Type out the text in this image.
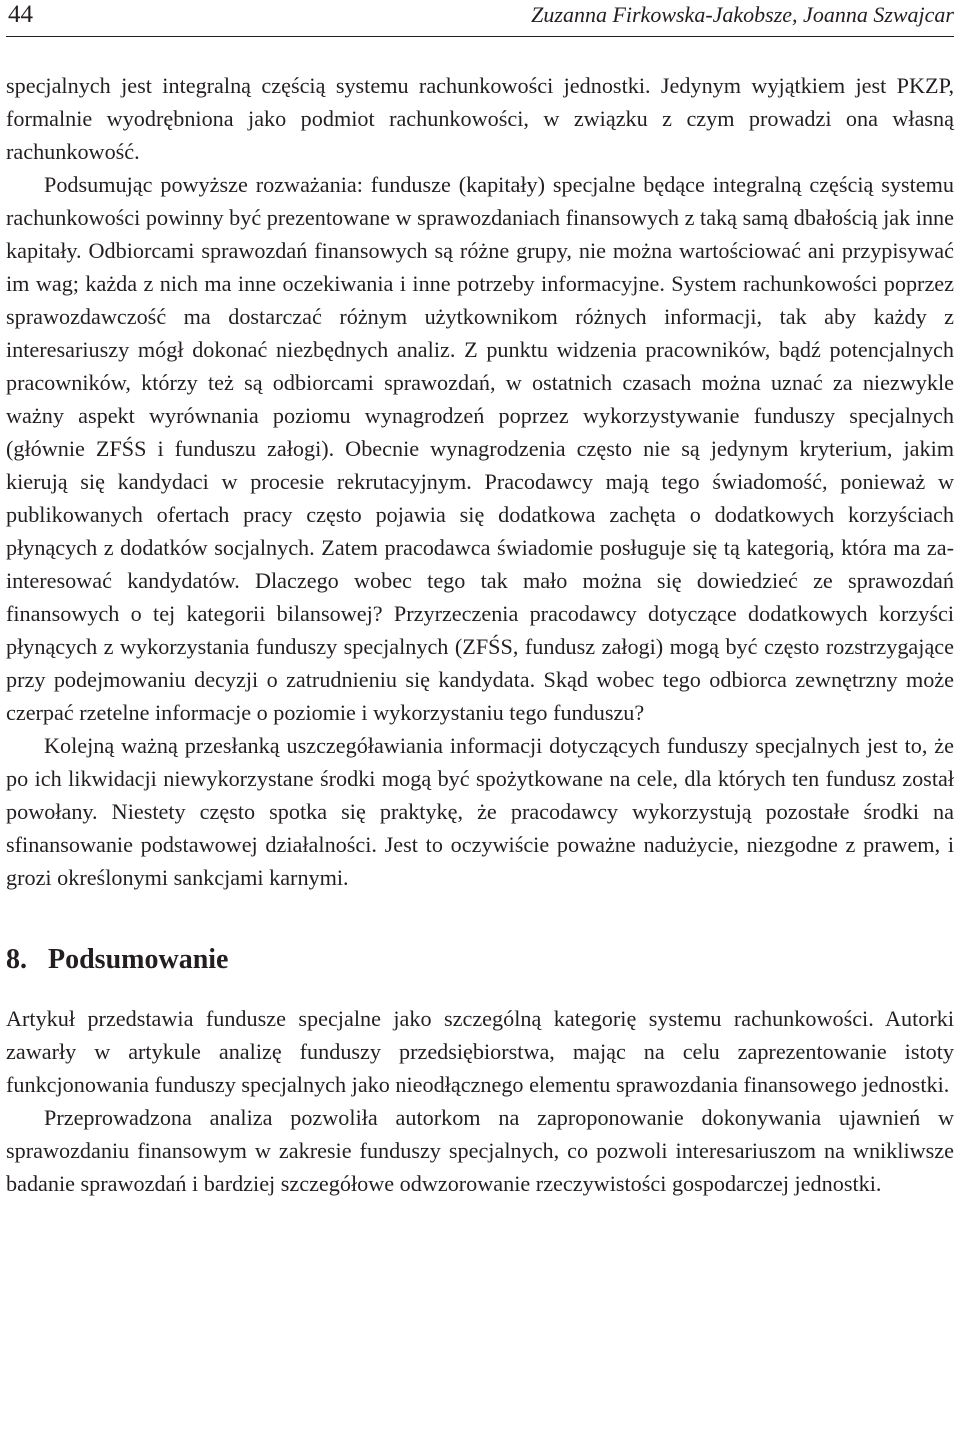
44	Zuzanna Firkowska-Jakobsze, Joanna Szwajcar

specjalnych jest integralną częścią systemu rachunkowości jednostki. Jedynym wyjątkiem jest PKZP, formalnie wyodrębniona jako podmiot rachunkowości, w związku z czym prowadzi ona własną rachunkowość.

Podsumując powyższe rozważania: fundusze (kapitały) specjalne będące integralną częścią systemu rachunkowości powinny być prezentowane w sprawozdaniach finansowych z taką samą dbałością jak inne kapitały. Odbiorcami sprawozdań finansowych są różne grupy, nie można wartościować ani przypisywać im wag; każda z nich ma inne oczekiwania i inne potrzeby informacyjne. System rachunkowości poprzez sprawozdawczość ma dostarczać różnym użytkownikom różnych informacji, tak aby każdy z interesariuszy mógł dokonać niezbędnych analiz. Z punktu widzenia pracowników, bądź potencjalnych pracowników, którzy też są odbiorcami sprawozdań, w ostatnich czasach można uznać za niezwykle ważny aspekt wyrównania poziomu wynagrodzeń poprzez wykorzystywanie funduszy specjalnych (głównie ZFŚS i funduszu załogi). Obecnie wynagrodzenia często nie są jedynym kryterium, jakim kierują się kandydaci w procesie rekrutacyjnym. Pracodawcy mają tego świadomość, ponieważ w publikowanych ofertach pracy często pojawia się dodatkowa zachęta o dodatkowych korzyściach płynących z dodatków socjalnych. Zatem pracodawca świadomie posługuje się tą kategorią, która ma zainteresować kandydatów. Dlaczego wobec tego tak mało można się dowiedzieć ze sprawozdań finansowych o tej kategorii bilansowej? Przyrzeczenia pracodawcy dotyczące dodatkowych korzyści płynących z wykorzystania funduszy specjalnych (ZFŚS, fundusz załogi) mogą być często rozstrzygające przy podejmowaniu decyzji o zatrudnieniu się kandydata. Skąd wobec tego odbiorca zewnętrzny może czerpać rzetelne informacje o poziomie i wykorzystaniu tego funduszu?

Kolejną ważną przesłanką uszczegóławiania informacji dotyczących funduszy specjalnych jest to, że po ich likwidacji niewykorzystane środki mogą być spożytkowane na cele, dla których ten fundusz został powołany. Niestety często spotka się praktykę, że pracodawcy wykorzystują pozostałe środki na sfinansowanie podstawowej działalności. Jest to oczywiście poważne nadużycie, niezgodne z prawem, i grozi określonymi sankcjami karnymi.

8. Podsumowanie

Artykuł przedstawia fundusze specjalne jako szczególną kategorię systemu rachunkowości. Autorki zawarły w artykule analizę funduszy przedsiębiorstwa, mając na celu zaprezentowanie istoty funkcjonowania funduszy specjalnych jako nieodłącznego elementu sprawozdania finansowego jednostki.

Przeprowadzona analiza pozwoliła autorkom na zaproponowanie dokonywania ujawnień w sprawozdaniu finansowym w zakresie funduszy specjalnych, co pozwoli interesariuszom na wnikliwsze badanie sprawozdań i bardziej szczegółowe odwzorowanie rzeczywistości gospodarczej jednostki.
